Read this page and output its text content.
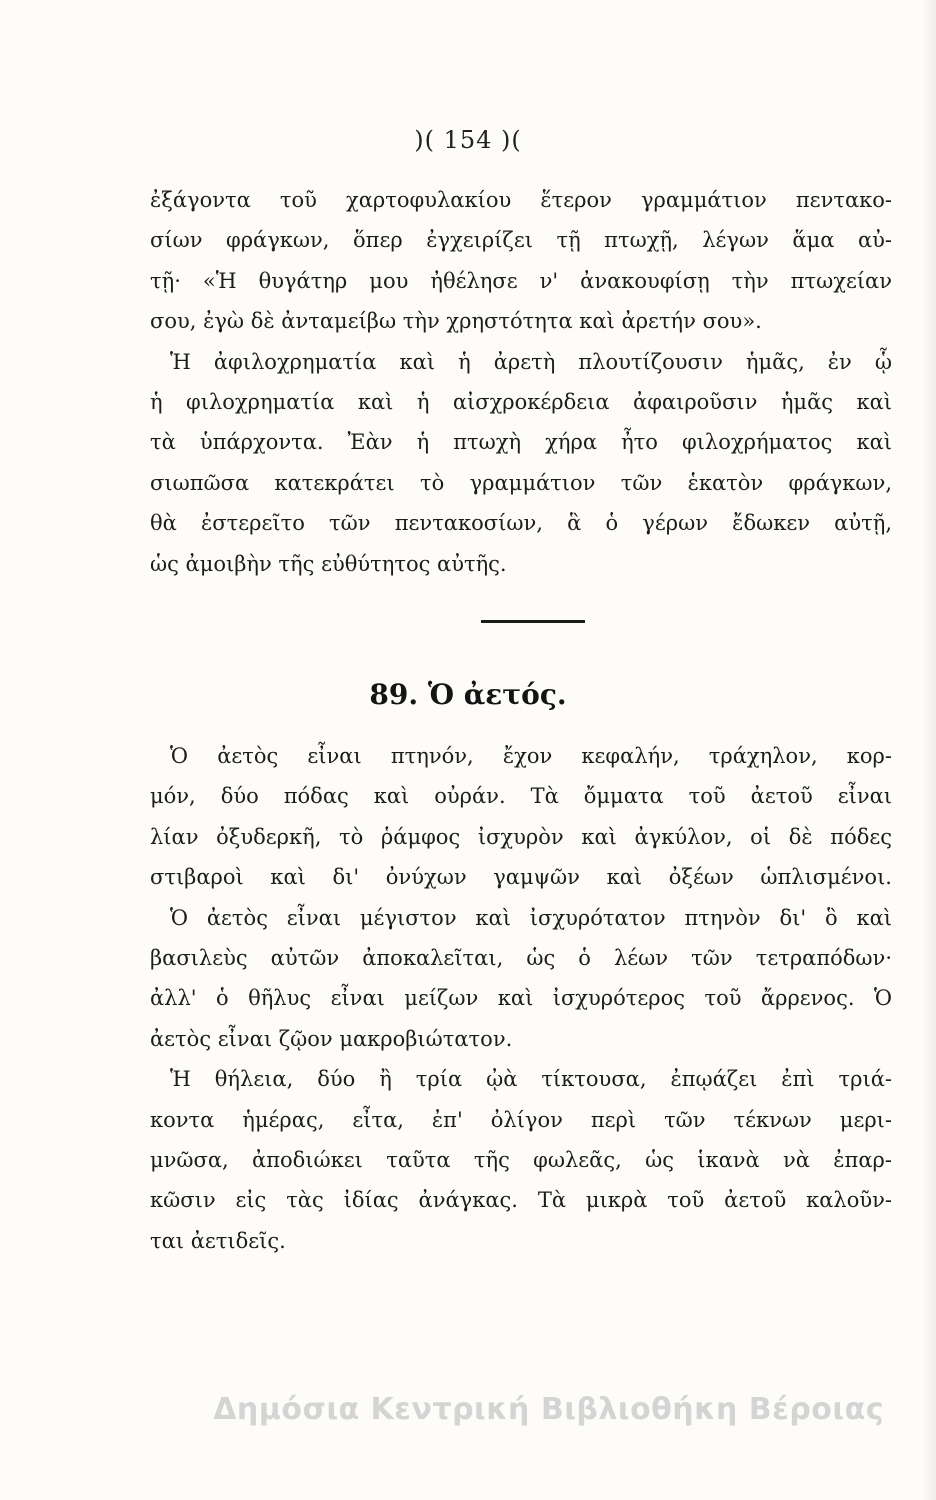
)( 154 )(
ἐξάγοντα τοῦ χαρτοφυλακίου ἕτερον γραμμάτιον πεντακο-
σίων φράγκων, ὅπερ ἐγχειρίζει τῇ πτωχῇ, λέγων ἅμα αὐ-
τῇ· «Ἡ θυγάτηρ μου ἠθέλησε ν' ἀνακουφίσῃ τὴν πτωχείαν
σου, ἐγὼ δὲ ἀνταμείβω τὴν χρηστότητα καὶ ἀρετήν σου».
Ἡ ἀφιλοχρηματία καὶ ἡ ἀρετὴ πλουτίζουσιν ἡμᾶς, ἐν ᾧ
ἡ φιλοχρηματία καὶ ἡ αἰσχροκέρδεια ἀφαιροῦσιν ἡμᾶς καὶ
τὰ ὑπάρχοντα. Ἐὰν ἡ πτωχὴ χήρα ἦτο φιλοχρήματος καὶ
σιωπῶσα κατεκράτει τὸ γραμμάτιον τῶν ἑκατὸν φράγκων,
θὰ ἐστερεῖτο τῶν πεντακοσίων, ἃ ὁ γέρων ἔδωκεν αὐτῇ,
ὡς ἀμοιβὴν τῆς εὐθύτητος αὐτῆς.
89. Ὁ ἀετός.
Ὁ ἀετὸς εἶναι πτηνόν, ἔχον κεφαλήν, τράχηλον, κορ-
μόν, δύο πόδας καὶ οὐράν. Τὰ ὄμματα τοῦ ἀετοῦ εἶναι
λίαν ὀξυδερκῆ, τὸ ῥάμφος ἰσχυρὸν καὶ ἀγκύλον, οἱ δὲ πόδες
στιβαροὶ καὶ δι' ὀνύχων γαμψῶν καὶ ὀξέων ὡπλισμένοι.
Ὁ ἀετὸς εἶναι μέγιστον καὶ ἰσχυρότατον πτηνὸν δι' ὃ καὶ
βασιλεὺς αὐτῶν ἀποκαλεῖται, ὡς ὁ λέων τῶν τετραπόδων·
ἀλλ' ὁ θῆλυς εἶναι μείζων καὶ ἰσχυρότερος τοῦ ἄρρενος. Ὁ
ἀετὸς εἶναι ζῷον μακροβιώτατον.
Ἡ θήλεια, δύο ἢ τρία ᾠὰ τίκτουσα, ἐπῳάζει ἐπὶ τριά-
κοντα ἡμέρας, εἶτα, ἐπ' ὀλίγον περὶ τῶν τέκνων μερι-
μνῶσα, ἀποδιώκει ταῦτα τῆς φωλεᾶς, ὡς ἱκανὰ νὰ ἐπαρ-
κῶσιν εἰς τὰς ἰδίας ἀνάγκας. Τὰ μικρὰ τοῦ ἀετοῦ καλοῦν-
ται ἀετιδεῖς.
Δημόσια Κεντρική Βιβλιοθήκη Βέροιας
